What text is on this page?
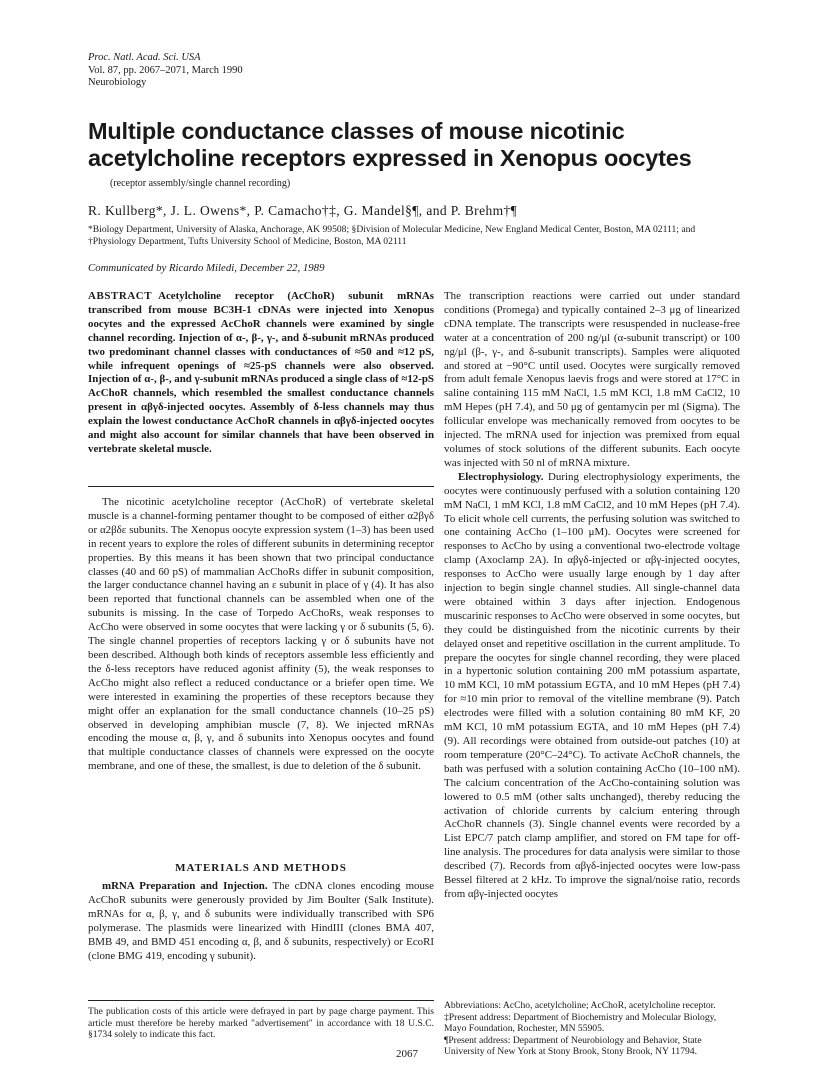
Proc. Natl. Acad. Sci. USA
Vol. 87, pp. 2067–2071, March 1990
Neurobiology
Multiple conductance classes of mouse nicotinic acetylcholine receptors expressed in Xenopus oocytes
(receptor assembly/single channel recording)
R. Kullberg*, J. L. Owens*, P. Camacho†‡, G. Mandel§¶, and P. Brehm†¶
*Biology Department, University of Alaska, Anchorage, AK 99508; §Division of Molecular Medicine, New England Medical Center, Boston, MA 02111; and †Physiology Department, Tufts University School of Medicine, Boston, MA 02111
Communicated by Ricardo Miledi, December 22, 1989

ABSTRACT Acetylcholine receptor (AcChoR) subunit mRNAs transcribed from mouse BC3H-1 cDNAs were injected into Xenopus oocytes and the expressed AcChoR channels were examined by single channel recording. Injection of α-, β-, γ-, and δ-subunit mRNAs produced two predominant channel classes with conductances of ≈50 and ≈12 pS, while infrequent openings of ≈25-pS channels were also observed. Injection of α-, β-, and γ-subunit mRNAs produced a single class of ≈12-pS AcChoR channels, which resembled the smallest conductance channels present in αβγδ-injected oocytes. Assembly of δ-less channels may thus explain the lowest conductance AcChoR channels in αβγδ-injected oocytes and might also account for similar channels that have been observed in vertebrate skeletal muscle.

The nicotinic acetylcholine receptor (AcChoR) of vertebrate skeletal muscle is a channel-forming pentamer thought to be composed of either α2βγδ or α2βδε subunits. The Xenopus oocyte expression system (1–3) has been used in recent years to explore the roles of different subunits in determining receptor properties. By this means it has been shown that two principal conductance classes (40 and 60 pS) of mammalian AcChoRs differ in subunit composition, the larger conductance channel having an ε subunit in place of γ (4). It has also been reported that functional channels can be assembled when one of the subunits is missing. In the case of Torpedo AcChoRs, weak responses to AcCho were observed in some oocytes that were lacking γ or δ subunits (5, 6). The single channel properties of receptors lacking γ or δ subunits have not been described. Although both kinds of receptors assemble less efficiently and the δ-less receptors have reduced agonist affinity (5), the weak responses to AcCho might also reflect a reduced conductance or a briefer open time. We were interested in examining the properties of these receptors because they might offer an explanation for the small conductance channels (10–25 pS) observed in developing amphibian muscle (7, 8). We injected mRNAs encoding the mouse α, β, γ, and δ subunits into Xenopus oocytes and found that multiple conductance classes of channels were expressed on the oocyte membrane, and one of these, the smallest, is due to deletion of the δ subunit.

MATERIALS AND METHODS

mRNA Preparation and Injection. The cDNA clones encoding mouse AcChoR subunits were generously provided by Jim Boulter (Salk Institute). mRNAs for α, β, γ, and δ subunits were individually transcribed with SP6 polymerase. The plasmids were linearized with HindIII (clones BMA 407, BMB 49, and BMD 451 encoding α, β, and δ subunits, respectively) or EcoRI (clone BMG 419, encoding γ subunit).

The transcription reactions were carried out under standard conditions (Promega) and typically contained 2–3 μg of linearized cDNA template. The transcripts were resuspended in nuclease-free water at a concentration of 200 ng/μl (α-subunit transcript) or 100 ng/μl (β-, γ-, and δ-subunit transcripts). Samples were aliquoted and stored at −90°C until used. Oocytes were surgically removed from adult female Xenopus laevis frogs and were stored at 17°C in saline containing 115 mM NaCl, 1.5 mM KCl, 1.8 mM CaCl2, 10 mM Hepes (pH 7.4), and 50 μg of gentamycin per ml (Sigma). The follicular envelope was mechanically removed from oocytes to be injected. The mRNA used for injection was premixed from equal volumes of stock solutions of the different subunits. Each oocyte was injected with 50 nl of mRNA mixture.

Electrophysiology. During electrophysiology experiments, the oocytes were continuously perfused with a solution containing 120 mM NaCl, 1 mM KCl, 1.8 mM CaCl2, and 10 mM Hepes (pH 7.4). To elicit whole cell currents, the perfusing solution was switched to one containing AcCho (1–100 μM). Oocytes were screened for responses to AcCho by using a conventional two-electrode voltage clamp (Axoclamp 2A). In αβγδ-injected or αβγ-injected oocytes, responses to AcCho were usually large enough by 1 day after injection to begin single channel studies. All single-channel data were obtained within 3 days after injection. Endogenous muscarinic responses to AcCho were observed in some oocytes, but they could be distinguished from the nicotinic currents by their delayed onset and repetitive oscillation in the current amplitude. To prepare the oocytes for single channel recording, they were placed in a hypertonic solution containing 200 mM potassium aspartate, 10 mM KCl, 10 mM potassium EGTA, and 10 mM Hepes (pH 7.4) for ≈10 min prior to removal of the vitelline membrane (9). Patch electrodes were filled with a solution containing 80 mM KF, 20 mM KCl, 10 mM potassium EGTA, and 10 mM Hepes (pH 7.4) (9). All recordings were obtained from outside-out patches (10) at room temperature (20°C–24°C). To activate AcChoR channels, the bath was perfused with a solution containing AcCho (10–100 nM). The calcium concentration of the AcCho-containing solution was lowered to 0.5 mM (other salts unchanged), thereby reducing the activation of chloride currents by calcium entering through AcChoR channels (3). Single channel events were recorded by a List EPC/7 patch clamp amplifier, and stored on FM tape for off-line analysis. The procedures for data analysis were similar to those described (7). Records from αβγδ-injected oocytes were low-pass Bessel filtered at 2 kHz. To improve the signal/noise ratio, records from αβγ-injected oocytes

The publication costs of this article were defrayed in part by page charge payment. This article must therefore be hereby marked "advertisement" in accordance with 18 U.S.C. §1734 solely to indicate this fact.

Abbreviations: AcCho, acetylcholine; AcChoR, acetylcholine receptor.

‡Present address: Department of Biochemistry and Molecular Biology, Mayo Foundation, Rochester, MN 55905.

¶Present address: Department of Neurobiology and Behavior, State University of New York at Stony Brook, Stony Brook, NY 11794.

2067
